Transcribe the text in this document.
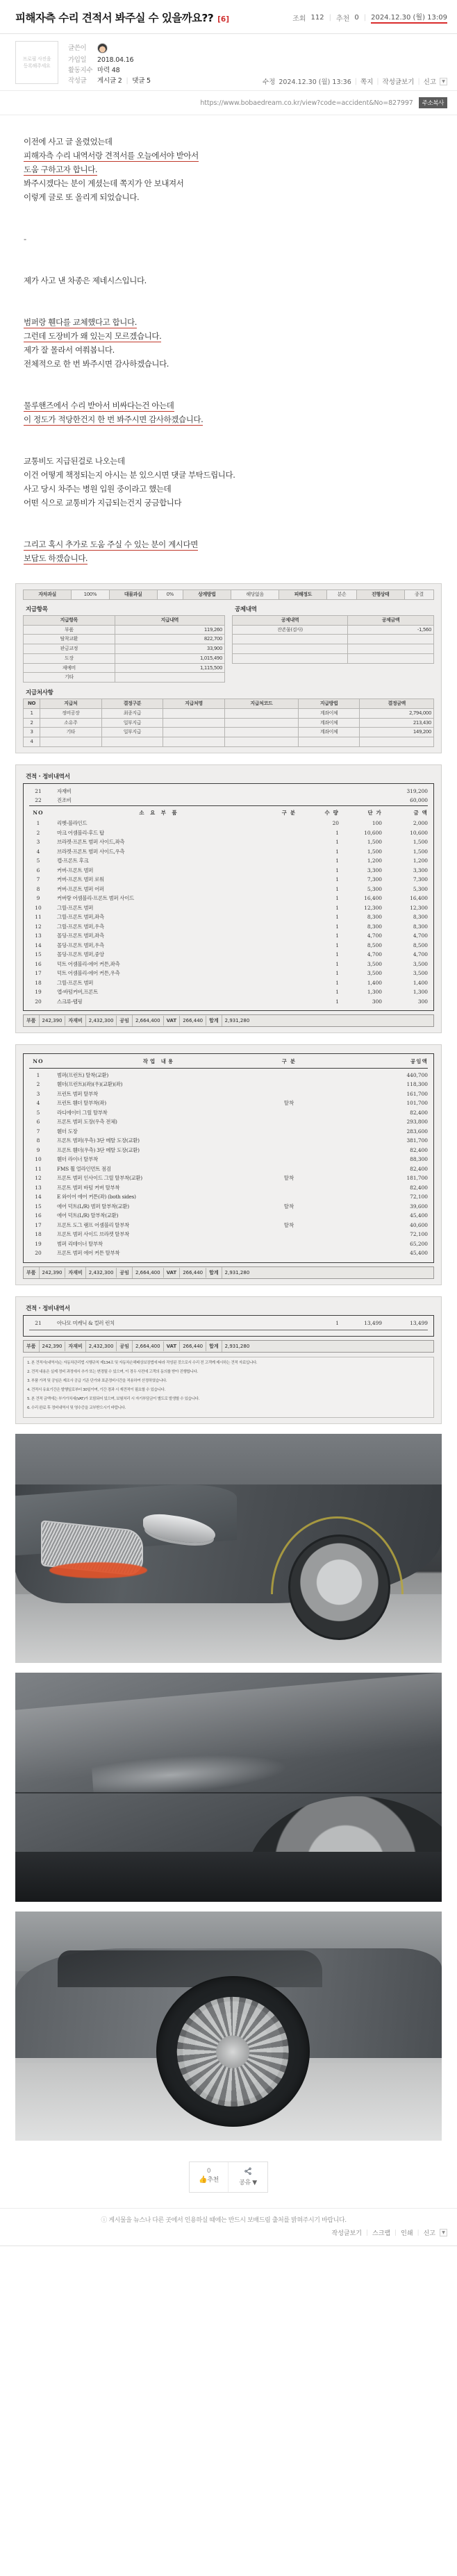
피해자측 수리 견적서 봐주실 수 있을까요?? [6]	조회 112 | 추천 0 | 2024.12.30 (월) 13:09
프로필 사진을
등록해주세요
글쓴이
가입일	2018.04.16
활동지수 마력 48
작성글	게시글 2 | 댓글 5	수정 2024.12.30 (월) 13:36 | 쪽지 | 작성글보기 | 신고	▼
https://www.bobaedream.co.kr/view?code=accident&No=827997	주소복사

이전에 사고 글 올렸었는데

피해자측 수리 내역서랑 견적서를 오늘에서야 받아서

도움 구하고자 합니다.

봐주시겠다는 분이 계셨는데 쪽지가 안 보내져서

이렇게 글로 또 올리게 되었습니다.

-

제가 사고 낸 차종은 제네시스입니다.

범퍼랑 휀다를 교체했다고 합니다.

그런데 도장비가 왜 있는지 모르겠습니다.

제가 잘 몰라서 여쭤봅니다.

전체적으로 한 번 봐주시면 감사하겠습니다.

물루핸즈에서 수리 받아서 비싸다는건 아는데

이 정도가 적당한건지 한 번 봐주시면 감사하겠습니다.

교통비도 지급된걸로 나오는데

이건 어떻게 책정되는지 아시는 분 있으시면 댓글 부탁드립니다.

사고 당시 차주는 병원 입원 중이라고 했는데

어떤 식으로 교통비가 지급되는건지 궁금합니다

그리고 혹시 추가로 도움 주실 수 있는 분이 계시다면

보답도 하겠습니다.

자차과실	100%	대물과실	0%	상계방법	해당없음	피해정도	분손	진행상태	종결
지급항목
지급항목	지급내역
부품	119,260
탈착교환	822,700
판금교정	33,900
도장	1,015,490
제예비	1,115,500
기타	
공제내역
공제내역	공제금액
잔존물(검사)	-1,560

지급처사항
NO	지급처	결정구분	지급처명	지급처코드	지급방법	결정금액
1	정비공장	최종지급			계좌이체	2,794,000
2	소유주	일부지급			계좌이체	213,430
3	기타	일부지급			계좌이체	149,200
4						
견적 · 정비내역서
21	자재비	319,200
22	진조비	60,000
NO	소 요 부 품	구 분	수 량	단 가	금 액
1	리벳-블라인드	20	100	2,000
2	마크 어셈블리-후드 탑	1	10,600	10,600
3	브라켓-프론트 범퍼 사이드,좌측	1	1,500	1,500
4	브라켓-프론트 범퍼 사이드,우측	1	1,500	1,500
5	캡-프론트 후크	1	1,200	1,200
6	커버-프론트 범퍼	1	3,300	3,300
7	커버-프론트 범퍼 로워	1	7,300	7,300
8	커버-프론트 범퍼 어퍼	1	5,300	5,300
9	커버랑 어셈블리-프론트 범퍼 사이드	1	16,400	16,400
10	그릴-프론트 범퍼	1	12,300	12,300
11	그릴-프론트 범퍼,좌측	1	8,300	8,300
12	그릴-프론트 범퍼,우측	1	8,300	8,300
13	몰딩-프론트 범퍼,좌측	1	4,700	4,700
14	몰딩-프론트 범퍼,우측	1	8,500	8,500
15	몰딩-프론트 범퍼,중앙	1	4,700	4,700
16	덕트 어셈블리-에어 커튼,좌측	1	3,500	3,500
17	덕트 어셈블리-에어 커튼,우측	1	3,500	3,500
18	그릴-프론트 범퍼	1	1,400	1,400
19	앱-바텀커버,프론트	1	1,300	1,300
20	스크류-탭핑	1	300	300
부품	242,390	자재비	2,432,300	공임	2,664,400	VAT	266,440	합계	2,931,280
NO	작업 내용	구 분	공임액
1	범퍼(프런트) 탈착(교환)	440,700
2	휀더(프런트)(좌)(우)(교환)(좌)	118,300
3	프런트 범퍼 탈부착	161,700
4	프런트 휀더 탈부착(좌)	탈착	101,700
5	라디에이터 그릴 탈부착	82,400
6	프론트 범퍼 도장(우측 전체)	293,800
7	휀더 도장	283,600
8	프론트 범퍼(우측) 3단 메탈 도장(교환)	381,700
9	프론트 휀더(우측) 3단 메탈 도장(교환)	82,400
10	휀더 라이너 탈부착	88,300
11	FMS 휠 얼라인먼트 점검	82,400
12	프론트 범퍼 인사이드 그릴 탈부착(교환)	탈착	181,700
13	프론트 범퍼 바텀 커버 탈부착	82,400
14	E 와이어 에어 커튼(좌) (both sides)	72,100
15	에어 덕트(L/R) 범퍼 탈부착(교환)	탈착	39,600
16	에어 덕트(L/R) 탈부착(교환)	45,400
17	프론트 도그 램프 어셈블리 탈부착	탈착	40,600
18	프론트 범퍼 사이드 브라켓 탈부착	72,100
19	범퍼 리테이너 탈부착	65,200
20	프론트 범퍼 에어 커튼 탈부착	45,400
부품	242,390	자재비	2,432,300	공임	2,664,400	VAT	266,440	합계	2,931,280
견적 · 정비내역서
21	아나모 미캐닉 & 컬러 런치	1	13,499	13,499
부품	242,390	자재비	2,432,300	공임	2,664,400	VAT	266,440	합계	2,931,280
1. 본 견적서(내역서)는 자동차관리법 시행규칙 제134조 및 자동차손해배상보장법에 따라 작성된 것으로서 수리 전 고객께 제시하는 견적 자료입니다.
2. 견적 내용은 실제 정비 과정에서 추가 또는 변경될 수 있으며, 이 경우 사전에 고객의 동의를 받아 진행합니다.
3. 부품 가격 및 공임은 제조사 공급 기준 단가와 표준정비시간을 적용하여 산정하였습니다.
4. 견적서 유효기간은 발행일로부터 30일이며, 기간 경과 시 재견적이 필요할 수 있습니다.
5. 본 견적 금액에는 부가가치세(VAT)가 포함되어 있으며, 보험처리 시 자기부담금이 별도로 발생할 수 있습니다.
6. 수리 완료 후 정비내역서 및 영수증을 교부받으시기 바랍니다.
0
👍추천	공유 ▼
ⓘ 게시물을 뉴스나 다른 곳에서 인용하실 때에는 반드시 보배드림 출처를 밝혀주시기 바랍니다.
작성글보기 | 스크랩 | 인쇄 | 신고	▼
